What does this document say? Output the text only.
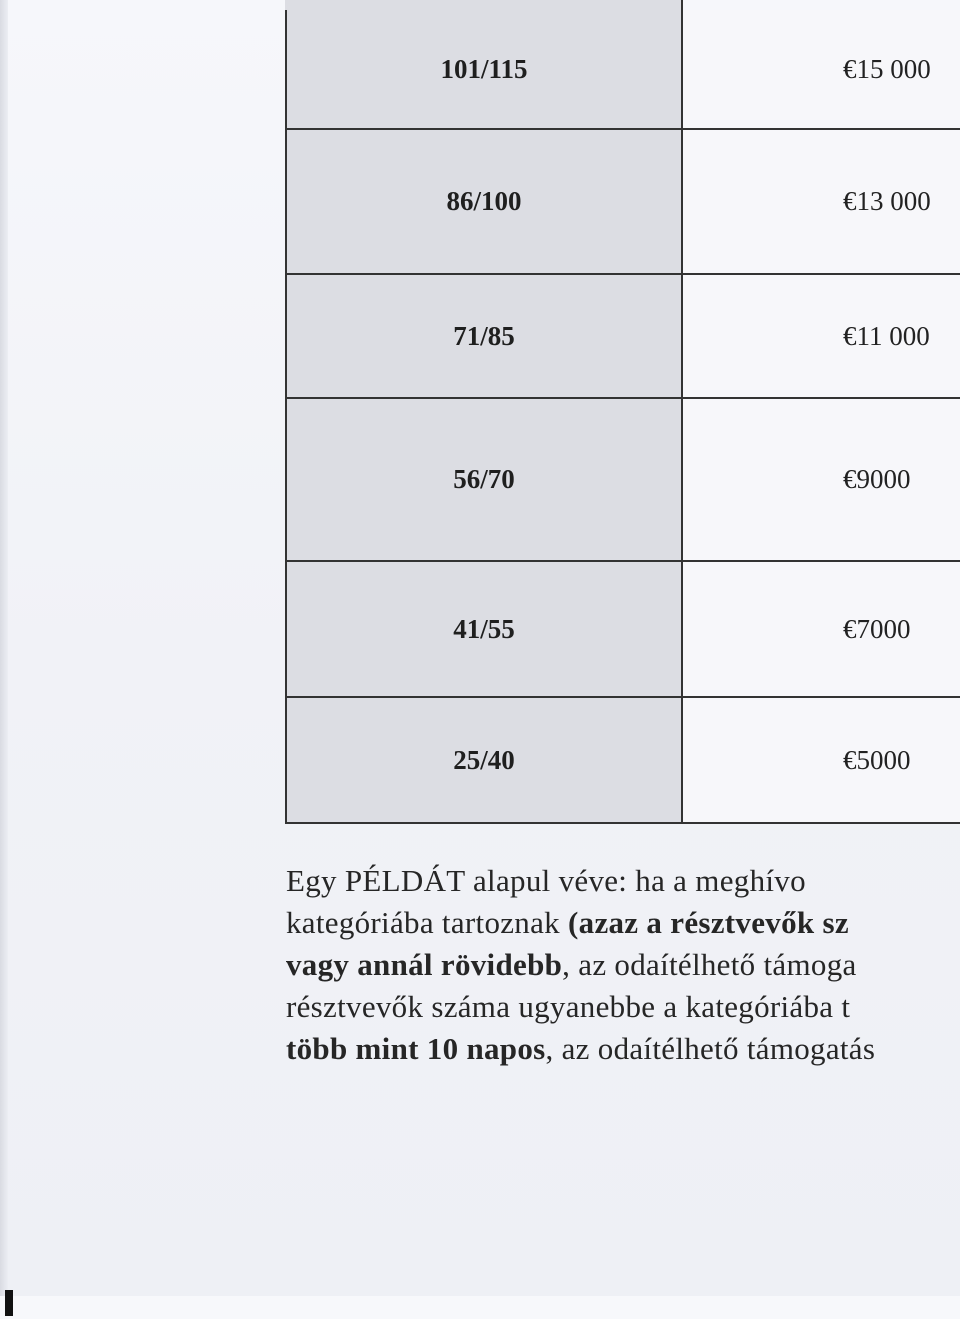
101/115	€15 000
86/100	€13 000
71/85	€11 000
56/70	€9000
41/55	€7000
25/40	€5000
Egy PÉLDÁT alapul véve: ha a meghívo
kategóriába tartoznak (azaz a résztvevők sz
vagy annál rövidebb, az odaítélhető támoga
résztvevők száma ugyanebbe a kategóriába t
több mint 10 napos, az odaítélhető támogatás
